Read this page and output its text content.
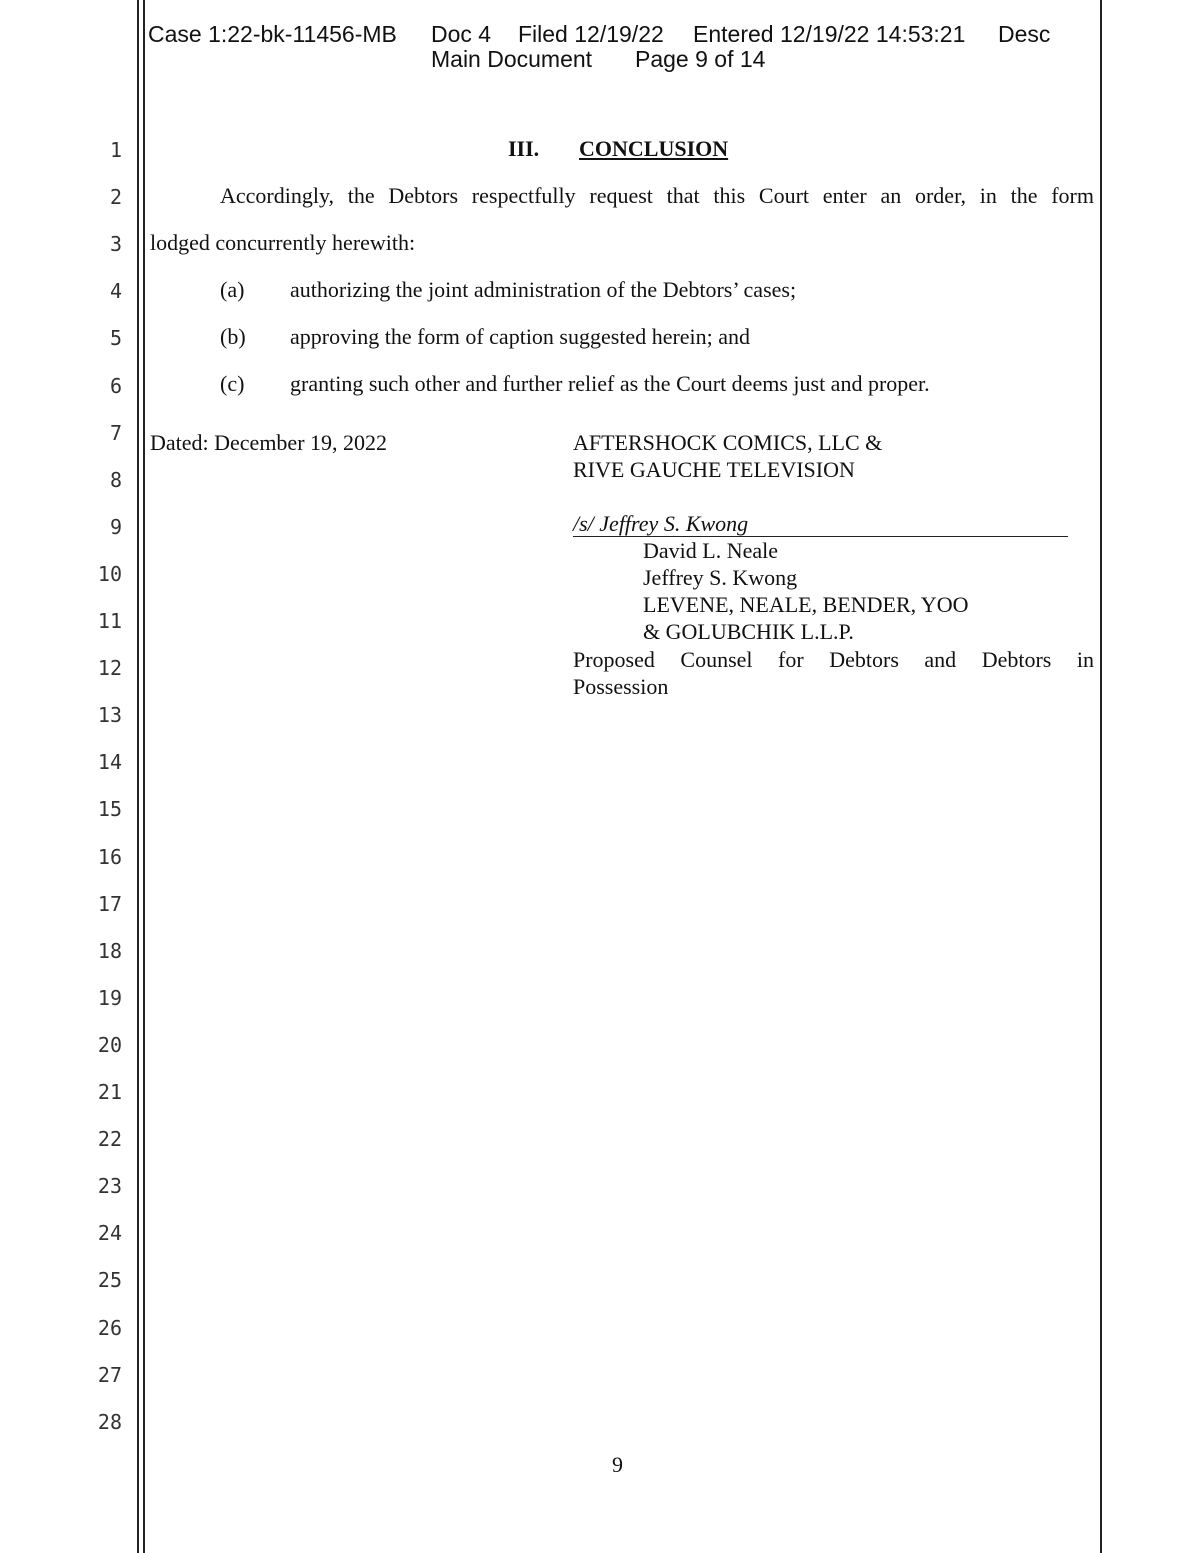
Case 1:22-bk-11456-MB Doc 4 Filed 12/19/22 Entered 12/19/22 14:53:21 Desc
Main Document Page 9 of 14
1
2
3
4
5
6
7
8
9
10
11
12
13
14
15
16
17
18
19
20
21
22
23
24
25
26
27
28
III. CONCLUSION
Accordingly, the Debtors respectfully request that this Court enter an order, in the form
lodged concurrently herewith:
(a) authorizing the joint administration of the Debtors’ cases;
(b) approving the form of caption suggested herein; and
(c) granting such other and further relief as the Court deems just and proper.
Dated: December 19, 2022	AFTERSHOCK COMICS, LLC &
RIVE GAUCHE TELEVISION
/s/ Jeffrey S. Kwong
David L. Neale
Jeffrey S. Kwong
LEVENE, NEALE, BENDER, YOO
& GOLUBCHIK L.L.P.
Proposed Counsel for Debtors and Debtors in
Possession
9
